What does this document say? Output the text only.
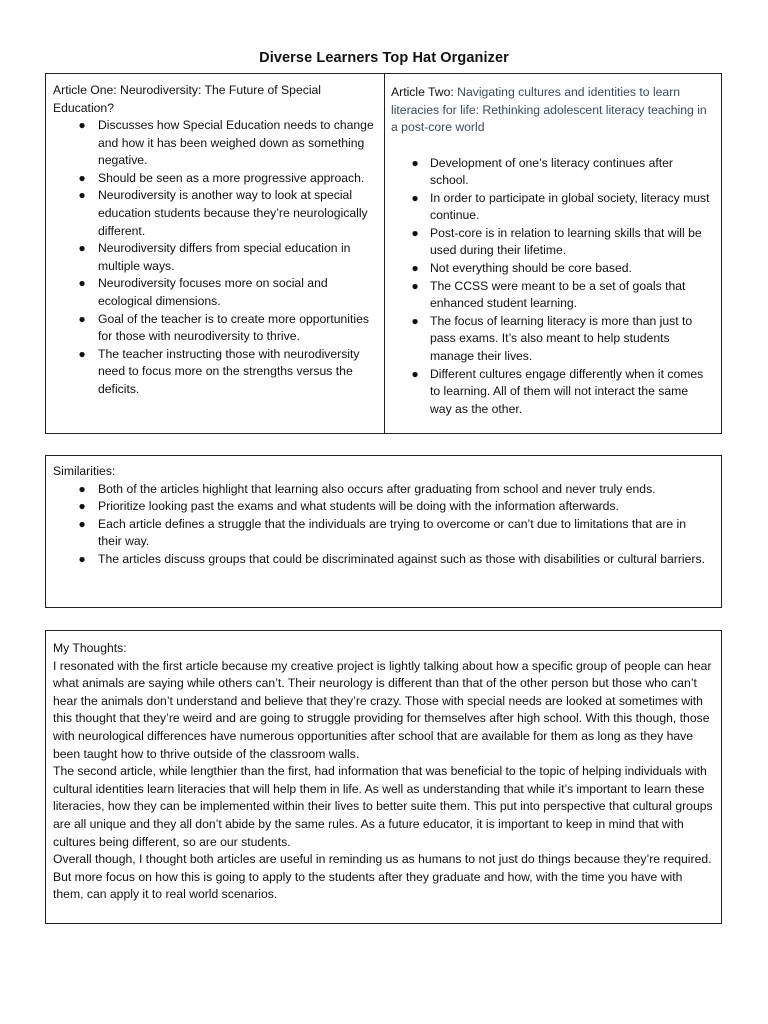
Diverse Learners Top Hat Organizer
Article One: Neurodiversity: The Future of Special Education?
● Discusses how Special Education needs to change and how it has been weighed down as something negative.
● Should be seen as a more progressive approach.
● Neurodiversity is another way to look at special education students because they’re neurologically different.
● Neurodiversity differs from special education in multiple ways.
● Neurodiversity focuses more on social and ecological dimensions.
● Goal of the teacher is to create more opportunities for those with neurodiversity to thrive.
● The teacher instructing those with neurodiversity need to focus more on the strengths versus the deficits.
Article Two: Navigating cultures and identities to learn literacies for life: Rethinking adolescent literacy teaching in a post-core world
● Development of one’s literacy continues after school.
● In order to participate in global society, literacy must continue.
● Post-core is in relation to learning skills that will be used during their lifetime.
● Not everything should be core based.
● The CCSS were meant to be a set of goals that enhanced student learning.
● The focus of learning literacy is more than just to pass exams. It’s also meant to help students manage their lives.
● Different cultures engage differently when it comes to learning. All of them will not interact the same way as the other.
Similarities:
● Both of the articles highlight that learning also occurs after graduating from school and never truly ends.
● Prioritize looking past the exams and what students will be doing with the information afterwards.
● Each article defines a struggle that the individuals are trying to overcome or can’t due to limitations that are in their way.
● The articles discuss groups that could be discriminated against such as those with disabilities or cultural barriers.
My Thoughts:
I resonated with the first article because my creative project is lightly talking about how a specific group of people can hear what animals are saying while others can’t. Their neurology is different than that of the other person but those who can’t hear the animals don’t understand and believe that they’re crazy. Those with special needs are looked at sometimes with this thought that they’re weird and are going to struggle providing for themselves after high school. With this though, those with neurological differences have numerous opportunities after school that are available for them as long as they have been taught how to thrive outside of the classroom walls.
The second article, while lengthier than the first, had information that was beneficial to the topic of helping individuals with cultural identities learn literacies that will help them in life. As well as understanding that while it’s important to learn these literacies, how they can be implemented within their lives to better suite them. This put into perspective that cultural groups are all unique and they all don’t abide by the same rules. As a future educator, it is important to keep in mind that with cultures being different, so are our students.
Overall though, I thought both articles are useful in reminding us as humans to not just do things because they’re required. But more focus on how this is going to apply to the students after they graduate and how, with the time you have with them, can apply it to real world scenarios.
